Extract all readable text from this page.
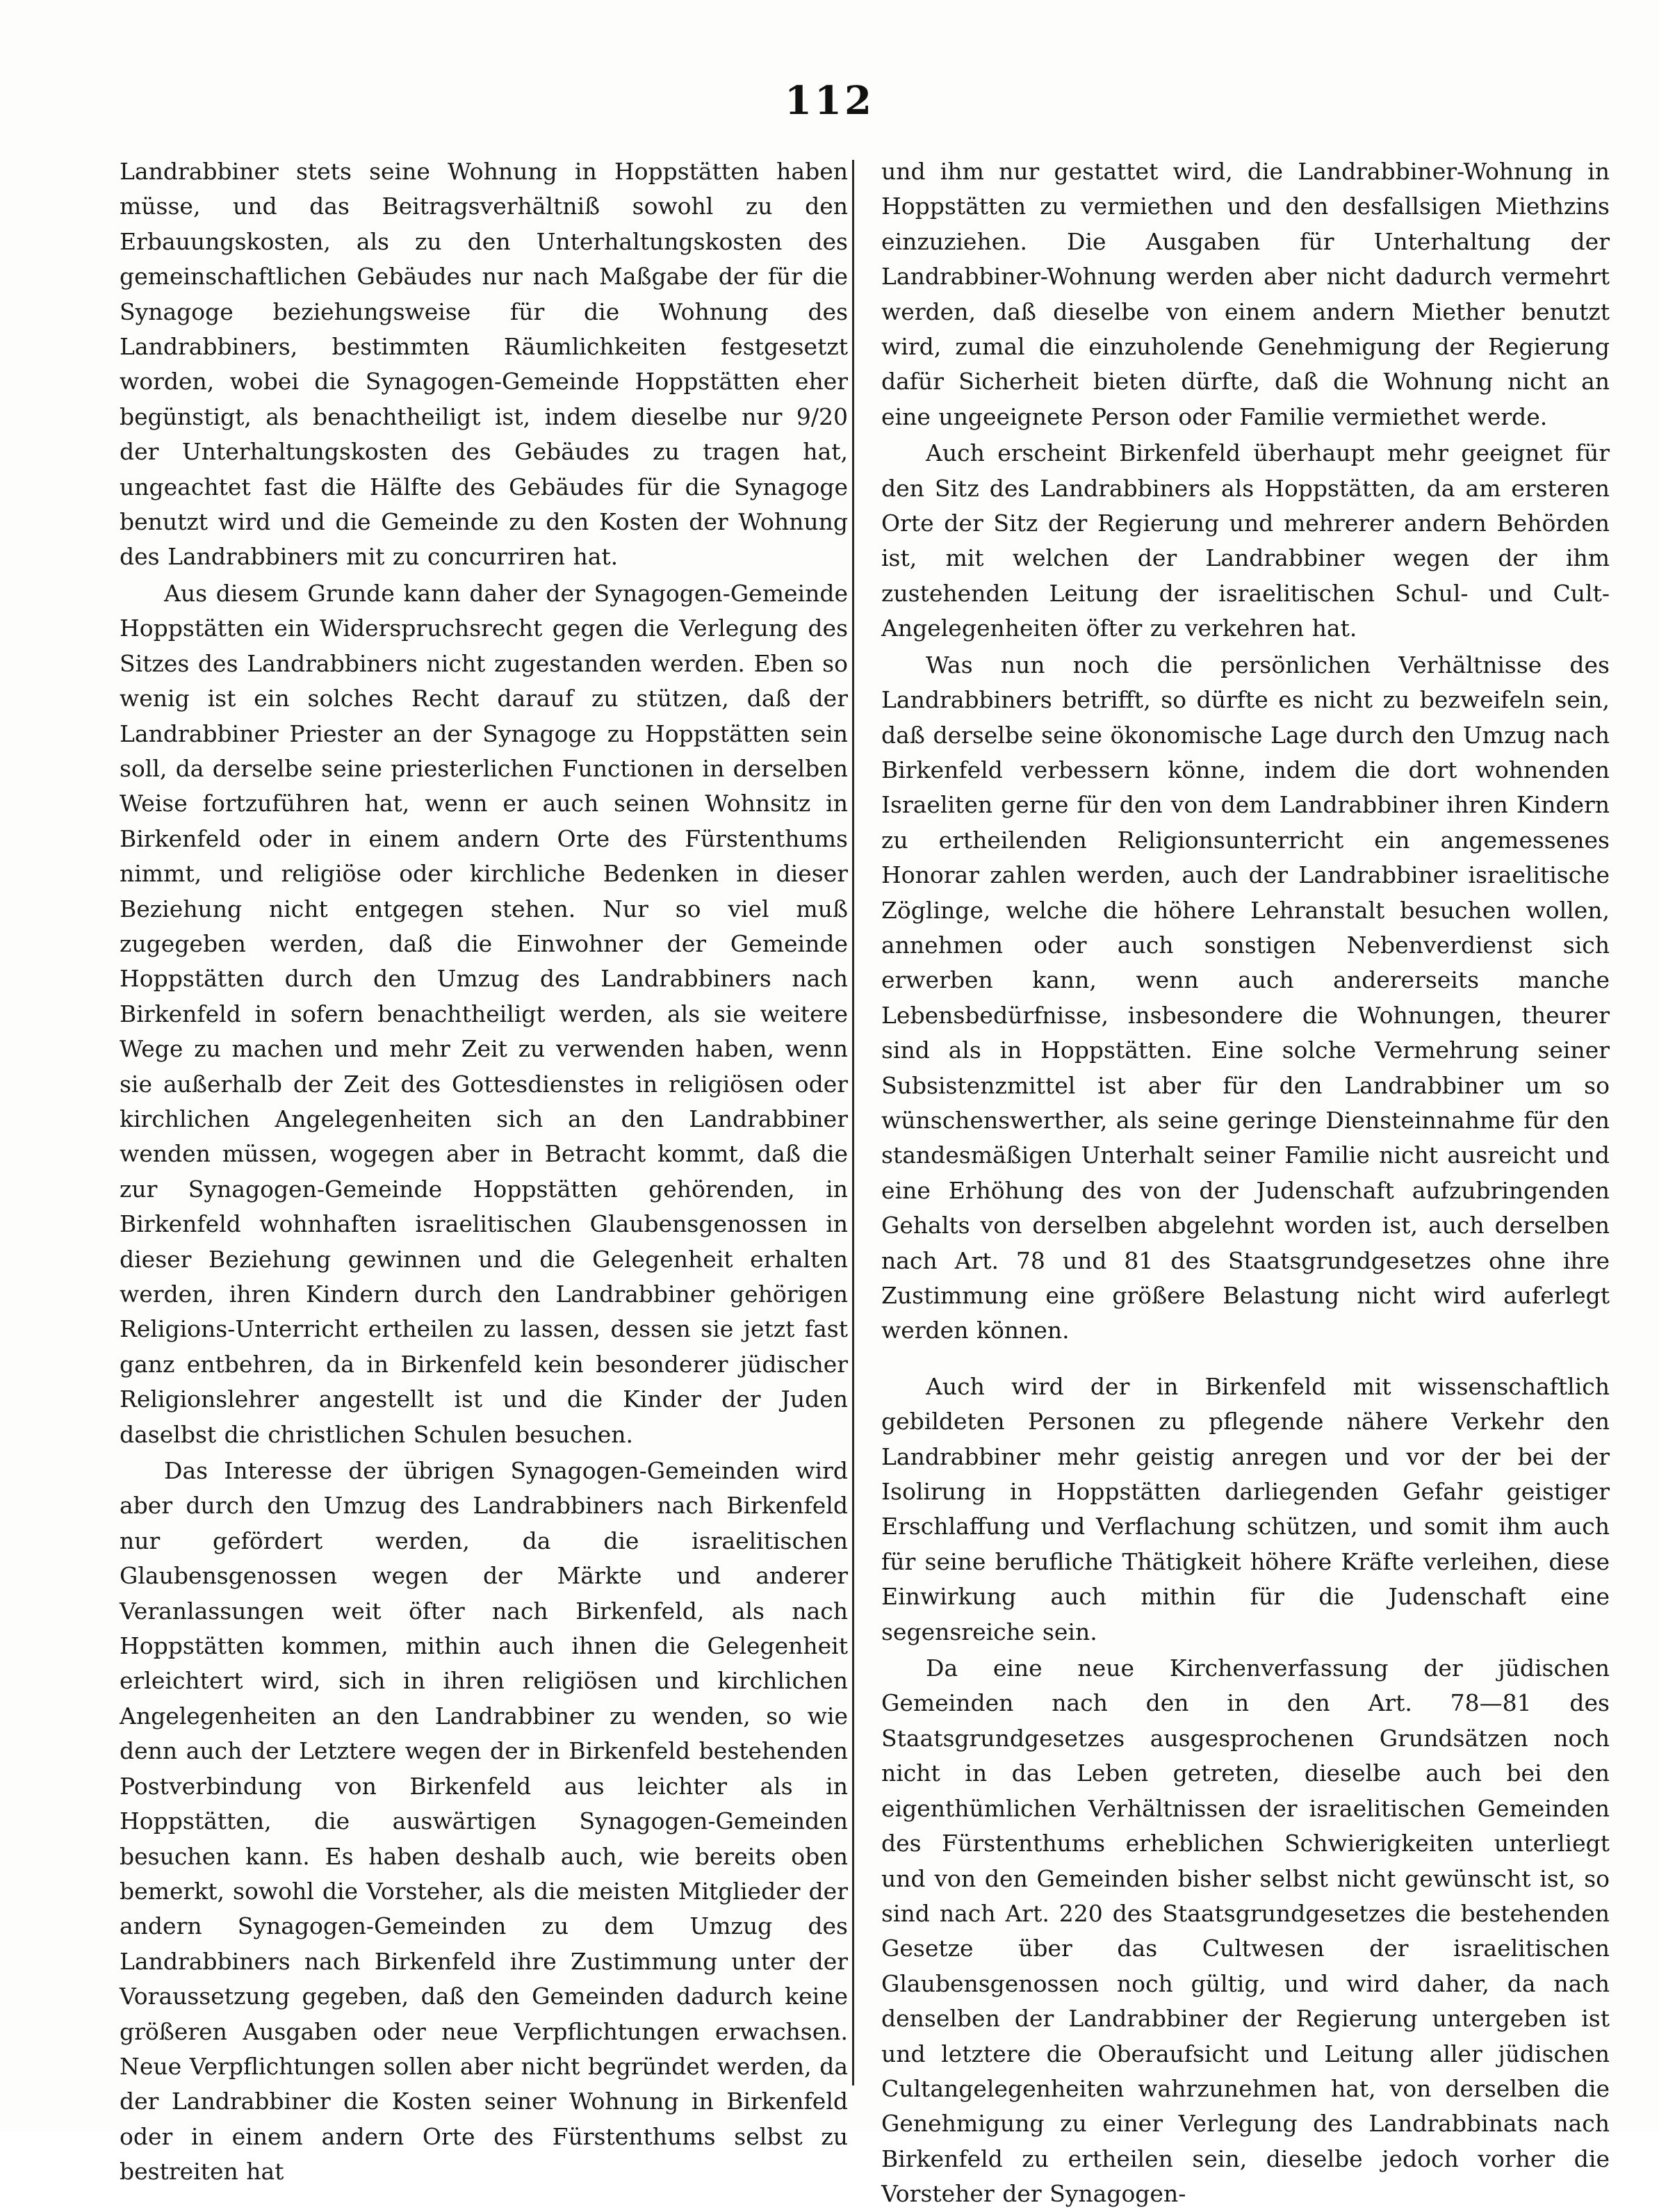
112

Landrabbiner stets seine Wohnung in Hoppstätten haben müsse, und das Beitragsverhältniß sowohl zu den Erbauungskosten, als zu den Unterhaltungskosten des gemeinschaftlichen Gebäudes nur nach Maßgabe der für die Synagoge beziehungsweise für die Wohnung des Landrabbiners, bestimmten Räumlichkeiten festgesetzt worden, wobei die Synagogen-Gemeinde Hoppstätten eher begünstigt, als benachtheiligt ist, indem dieselbe nur 9/20 der Unterhaltungskosten des Gebäudes zu tragen hat, ungeachtet fast die Hälfte des Gebäudes für die Synagoge benutzt wird und die Gemeinde zu den Kosten der Wohnung des Landrabbiners mit zu concurriren hat.

Aus diesem Grunde kann daher der Synagogen-Gemeinde Hoppstätten ein Widerspruchsrecht gegen die Verlegung des Sitzes des Landrabbiners nicht zugestanden werden. Eben so wenig ist ein solches Recht darauf zu stützen, daß der Landrabbiner Priester an der Synagoge zu Hoppstätten sein soll, da derselbe seine priesterlichen Functionen in derselben Weise fortzuführen hat, wenn er auch seinen Wohnsitz in Birkenfeld oder in einem andern Orte des Fürstenthums nimmt, und religiöse oder kirchliche Bedenken in dieser Beziehung nicht entgegen stehen. Nur so viel muß zugegeben werden, daß die Einwohner der Gemeinde Hoppstätten durch den Umzug des Landrabbiners nach Birkenfeld in sofern benachtheiligt werden, als sie weitere Wege zu machen und mehr Zeit zu verwenden haben, wenn sie außerhalb der Zeit des Gottesdienstes in religiösen oder kirchlichen Angelegenheiten sich an den Landrabbiner wenden müssen, wogegen aber in Betracht kommt, daß die zur Synagogen-Gemeinde Hoppstätten gehörenden, in Birkenfeld wohnhaften israelitischen Glaubensgenossen in dieser Beziehung gewinnen und die Gelegenheit erhalten werden, ihren Kindern durch den Landrabbiner gehörigen Religions-Unterricht ertheilen zu lassen, dessen sie jetzt fast ganz entbehren, da in Birkenfeld kein besonderer jüdischer Religionslehrer angestellt ist und die Kinder der Juden daselbst die christlichen Schulen besuchen.

Das Interesse der übrigen Synagogen-Gemeinden wird aber durch den Umzug des Landrabbiners nach Birkenfeld nur gefördert werden, da die israelitischen Glaubensgenossen wegen der Märkte und anderer Veranlassungen weit öfter nach Birkenfeld, als nach Hoppstätten kommen, mithin auch ihnen die Gelegenheit erleichtert wird, sich in ihren religiösen und kirchlichen Angelegenheiten an den Landrabbiner zu wenden, so wie denn auch der Letztere wegen der in Birkenfeld bestehenden Postverbindung von Birkenfeld aus leichter als in Hoppstätten, die auswärtigen Synagogen-Gemeinden besuchen kann. Es haben deshalb auch, wie bereits oben bemerkt, sowohl die Vorsteher, als die meisten Mitglieder der andern Synagogen-Gemeinden zu dem Umzug des Landrabbiners nach Birkenfeld ihre Zustimmung unter der Voraussetzung gegeben, daß den Gemeinden dadurch keine größeren Ausgaben oder neue Verpflichtungen erwachsen. Neue Verpflichtungen sollen aber nicht begründet werden, da der Landrabbiner die Kosten seiner Wohnung in Birkenfeld oder in einem andern Orte des Fürstenthums selbst zu bestreiten hat

und ihm nur gestattet wird, die Landrabbiner-Wohnung in Hoppstätten zu vermiethen und den desfallsigen Miethzins einzuziehen. Die Ausgaben für Unterhaltung der Landrabbiner-Wohnung werden aber nicht dadurch vermehrt werden, daß dieselbe von einem andern Miether benutzt wird, zumal die einzuholende Genehmigung der Regierung dafür Sicherheit bieten dürfte, daß die Wohnung nicht an eine ungeeignete Person oder Familie vermiethet werde.

Auch erscheint Birkenfeld überhaupt mehr geeignet für den Sitz des Landrabbiners als Hoppstätten, da am ersteren Orte der Sitz der Regierung und mehrerer andern Behörden ist, mit welchen der Landrabbiner wegen der ihm zustehenden Leitung der israelitischen Schul- und Cult-Angelegenheiten öfter zu verkehren hat.

Was nun noch die persönlichen Verhältnisse des Landrabbiners betrifft, so dürfte es nicht zu bezweifeln sein, daß derselbe seine ökonomische Lage durch den Umzug nach Birkenfeld verbessern könne, indem die dort wohnenden Israeliten gerne für den von dem Landrabbiner ihren Kindern zu ertheilenden Religionsunterricht ein angemessenes Honorar zahlen werden, auch der Landrabbiner israelitische Zöglinge, welche die höhere Lehranstalt besuchen wollen, annehmen oder auch sonstigen Nebenverdienst sich erwerben kann, wenn auch andererseits manche Lebensbedürfnisse, insbesondere die Wohnungen, theurer sind als in Hoppstätten. Eine solche Vermehrung seiner Subsistenzmittel ist aber für den Landrabbiner um so wünschenswerther, als seine geringe Diensteinnahme für den standesmäßigen Unterhalt seiner Familie nicht ausreicht und eine Erhöhung des von der Judenschaft aufzubringenden Gehalts von derselben abgelehnt worden ist, auch derselben nach Art. 78 und 81 des Staatsgrundgesetzes ohne ihre Zustimmung eine größere Belastung nicht wird auferlegt werden können.

Auch wird der in Birkenfeld mit wissenschaftlich gebildeten Personen zu pflegende nähere Verkehr den Landrabbiner mehr geistig anregen und vor der bei der Isolirung in Hoppstätten darliegenden Gefahr geistiger Erschlaffung und Verflachung schützen, und somit ihm auch für seine berufliche Thätigkeit höhere Kräfte verleihen, diese Einwirkung auch mithin für die Judenschaft eine segensreiche sein.

Da eine neue Kirchenverfassung der jüdischen Gemeinden nach den in den Art. 78—81 des Staatsgrundgesetzes ausgesprochenen Grundsätzen noch nicht in das Leben getreten, dieselbe auch bei den eigenthümlichen Verhältnissen der israelitischen Gemeinden des Fürstenthums erheblichen Schwierigkeiten unterliegt und von den Gemeinden bisher selbst nicht gewünscht ist, so sind nach Art. 220 des Staatsgrundgesetzes die bestehenden Gesetze über das Cultwesen der israelitischen Glaubensgenossen noch gültig, und wird daher, da nach denselben der Landrabbiner der Regierung untergeben ist und letztere die Oberaufsicht und Leitung aller jüdischen Cultangelegenheiten wahrzunehmen hat, von derselben die Genehmigung zu einer Verlegung des Landrabbinats nach Birkenfeld zu ertheilen sein, dieselbe jedoch vorher die Vorsteher der Synagogen-
